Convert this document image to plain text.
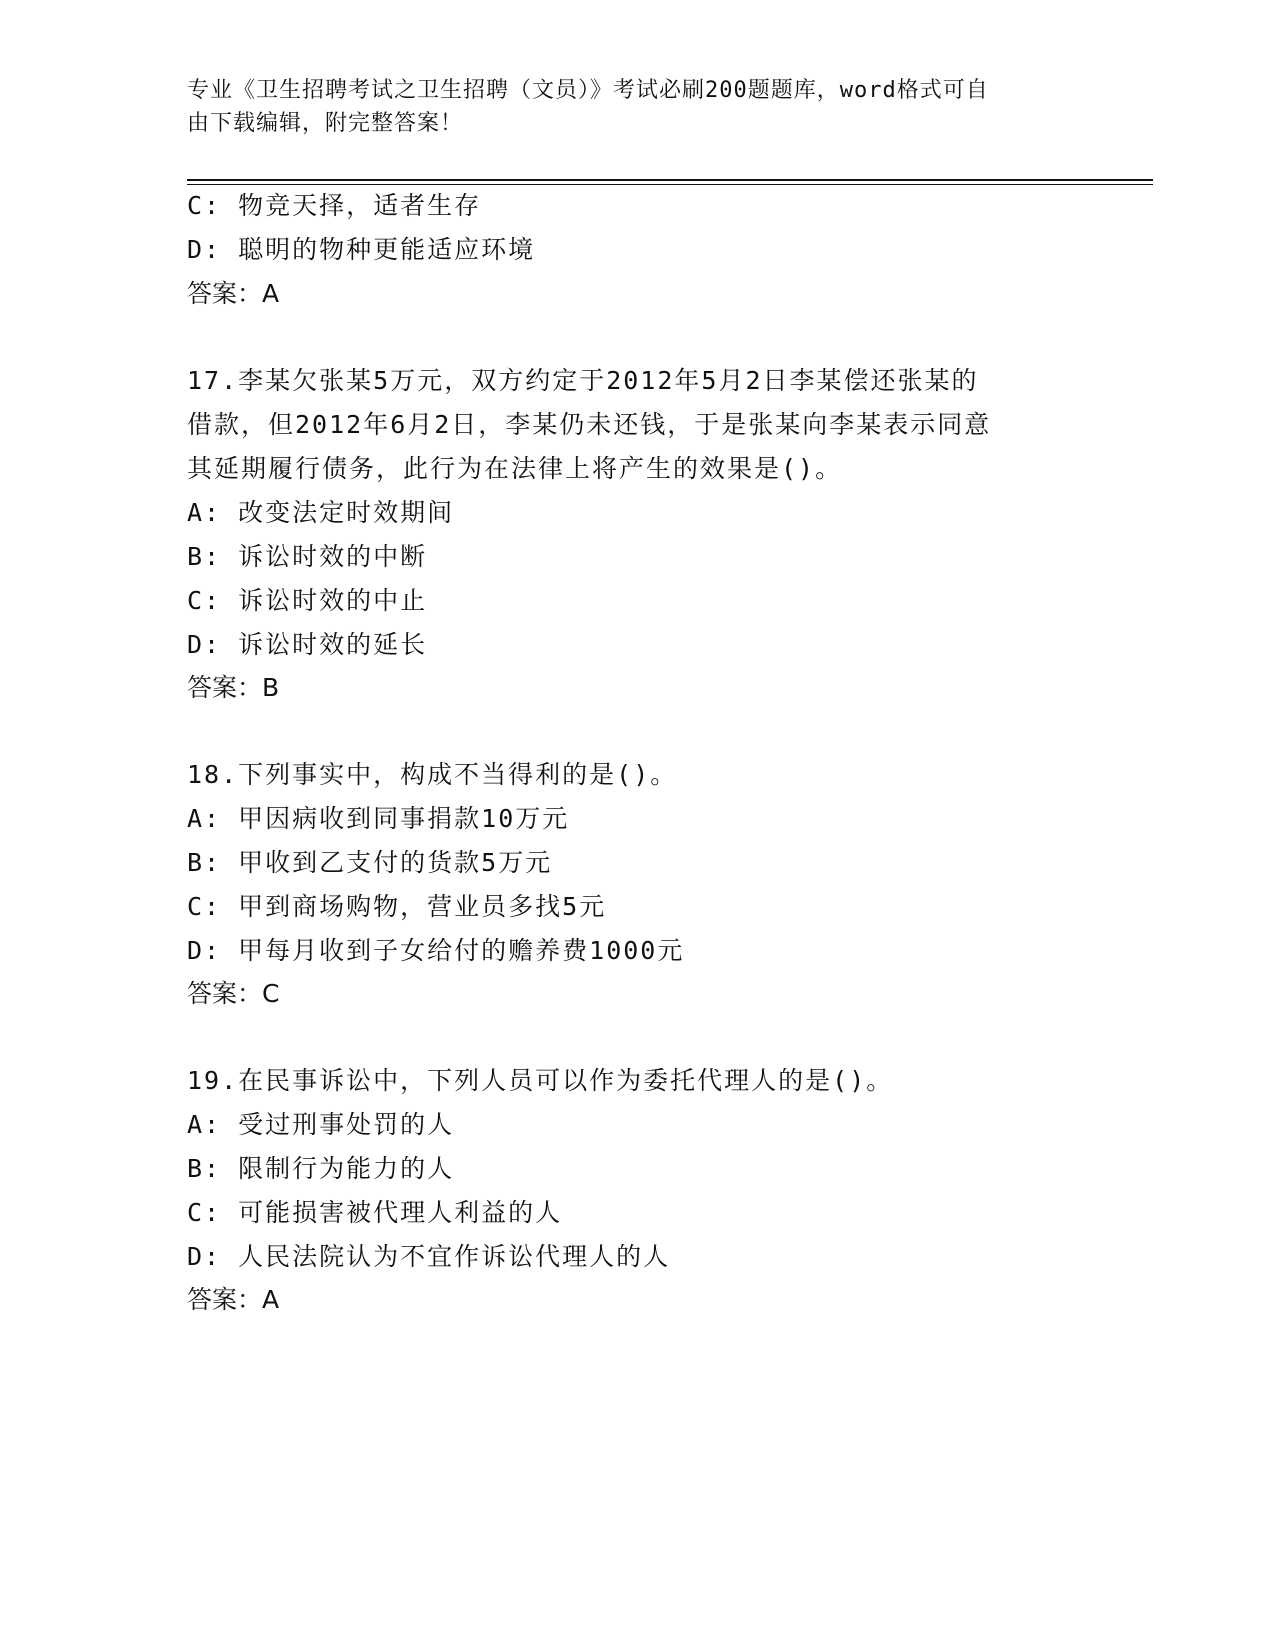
专业《卫生招聘考试之卫生招聘（文员）》考试必刷200题题库，word格式可自
由下载编辑，附完整答案！
C: 物竞天择，适者生存
D: 聪明的物种更能适应环境
答案：A
17.李某欠张某5万元，双方约定于2012年5月2日李某偿还张某的
借款，但2012年6月2日，李某仍未还钱，于是张某向李某表示同意
其延期履行债务，此行为在法律上将产生的效果是()。
A: 改变法定时效期间
B: 诉讼时效的中断
C: 诉讼时效的中止
D: 诉讼时效的延长
答案：B
18.下列事实中，构成不当得利的是()。
A: 甲因病收到同事捐款10万元
B: 甲收到乙支付的货款5万元
C: 甲到商场购物，营业员多找5元
D: 甲每月收到子女给付的赡养费1000元
答案：C
19.在民事诉讼中，下列人员可以作为委托代理人的是()。
A: 受过刑事处罚的人
B: 限制行为能力的人
C: 可能损害被代理人利益的人
D: 人民法院认为不宜作诉讼代理人的人
答案：A
